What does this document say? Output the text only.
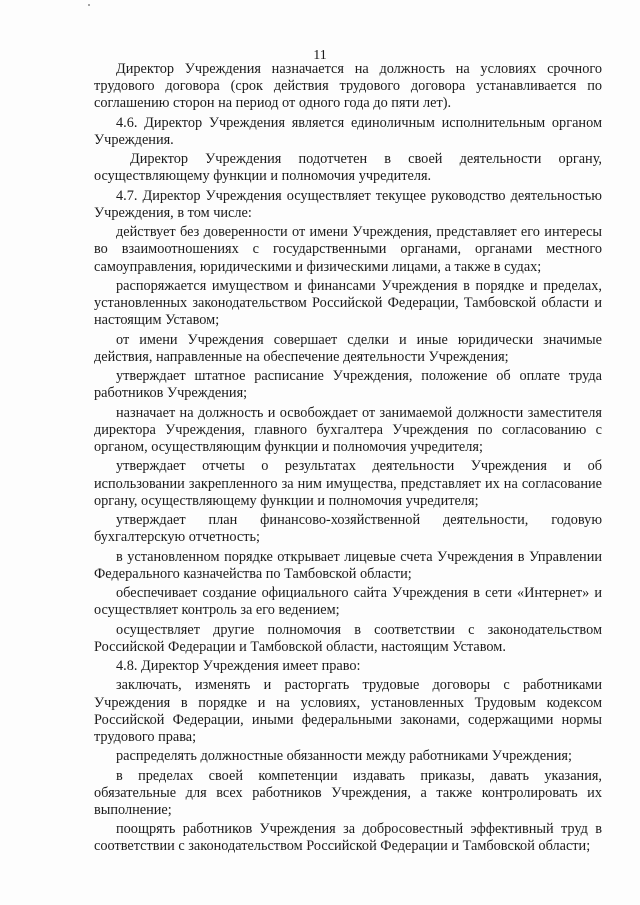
11

Директор Учреждения назначается на должность на условиях срочного трудового договора (срок действия трудового договора устанавливается по соглашению сторон на период от одного года до пяти лет).

4.6. Директор Учреждения является единоличным исполнительным органом Учреждения.

Директор Учреждения подотчетен в своей деятельности органу, осуществляющему функции и полномочия учредителя.

4.7. Директор Учреждения осуществляет текущее руководство деятельностью Учреждения, в том числе:

действует без доверенности от имени Учреждения, представляет его интересы во взаимоотношениях с государственными органами, органами местного самоуправления, юридическими и физическими лицами, а также в судах;

распоряжается имуществом и финансами Учреждения в порядке и пределах, установленных законодательством Российской Федерации, Тамбовской области и настоящим Уставом;

от имени Учреждения совершает сделки и иные юридически значимые действия, направленные на обеспечение деятельности Учреждения;

утверждает штатное расписание Учреждения, положение об оплате труда работников Учреждения;

назначает на должность и освобождает от занимаемой должности заместителя директора Учреждения, главного бухгалтера Учреждения по согласованию с органом, осуществляющим функции и полномочия учредителя;

утверждает отчеты о результатах деятельности Учреждения и об использовании закрепленного за ним имущества, представляет их на согласование органу, осуществляющему функции и полномочия учредителя;

утверждает план финансово-хозяйственной деятельности, годовую бухгалтерскую отчетность;

в установленном порядке открывает лицевые счета Учреждения в Управлении Федерального казначейства по Тамбовской области;

обеспечивает создание официального сайта Учреждения в сети «Интернет» и осуществляет контроль за его ведением;

осуществляет другие полномочия в соответствии с законодательством Российской Федерации и Тамбовской области, настоящим Уставом.

4.8. Директор Учреждения имеет право:

заключать, изменять и расторгать трудовые договоры с работниками Учреждения в порядке и на условиях, установленных Трудовым кодексом Российской Федерации, иными федеральными законами, содержащими нормы трудового права;

распределять должностные обязанности между работниками Учреждения;

в пределах своей компетенции издавать приказы, давать указания, обязательные для всех работников Учреждения, а также контролировать их выполнение;

поощрять работников Учреждения за добросовестный эффективный труд в соответствии с законодательством Российской Федерации и Тамбовской области;
